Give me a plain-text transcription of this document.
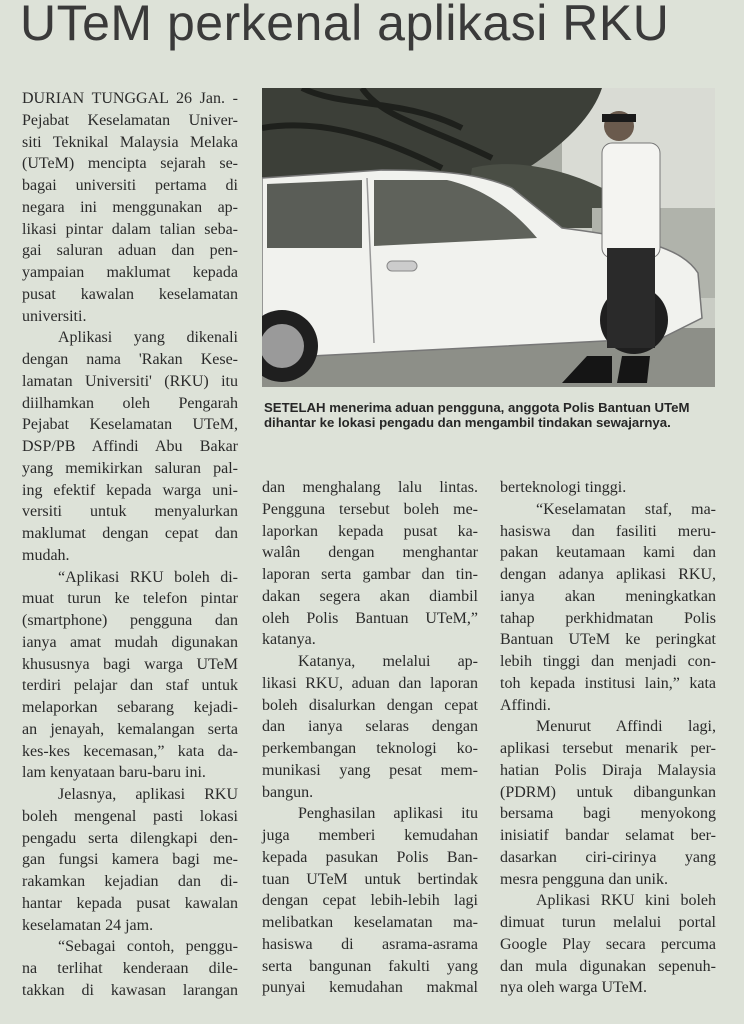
UTeM perkenal aplikasi RKU
SETELAH menerima aduan pengguna, anggota Polis Bantuan UTeM dihantar ke lokasi pengadu dan mengambil tindakan sewajarnya.
DURIAN TUNGGAL 26 Jan. -
Pejabat Keselamatan Univer-
siti Teknikal Malaysia Melaka
(UTeM) mencipta sejarah se-
bagai universiti pertama di
negara ini menggunakan ap-
likasi pintar dalam talian seba-
gai saluran aduan dan pen-
yampaian maklumat kepada
pusat kawalan keselamatan
universiti.
Aplikasi yang dikenali
dengan nama 'Rakan Kese-
lamatan Universiti' (RKU) itu
diilhamkan oleh Pengarah
Pejabat Keselamatan UTeM,
DSP/PB Affindi Abu Bakar
yang memikirkan saluran pal-
ing efektif kepada warga uni-
versiti untuk menyalurkan
maklumat dengan cepat dan
mudah.
“Aplikasi RKU boleh di-
muat turun ke telefon pintar
(smartphone) pengguna dan
ianya amat mudah digunakan
khususnya bagi warga UTeM
terdiri pelajar dan staf untuk
melaporkan sebarang kejadi-
an jenayah, kemalangan serta
kes-kes kecemasan,” kata da-
lam kenyataan baru-baru ini.
Jelasnya, aplikasi RKU
boleh mengenal pasti lokasi
pengadu serta dilengkapi den-
gan fungsi kamera bagi me-
rakamkan kejadian dan di-
hantar kepada pusat kawalan
keselamatan 24 jam.
“Sebagai contoh, penggu-
na terlihat kenderaan dile-
takkan di kawasan larangan
dan menghalang lalu lintas.
Pengguna tersebut boleh me-
laporkan kepada pusat ka-
walân dengan menghantar
laporan serta gambar dan tin-
dakan segera akan diambil
oleh Polis Bantuan UTeM,”
katanya.
Katanya, melalui ap-
likasi RKU, aduan dan laporan
boleh disalurkan dengan cepat
dan ianya selaras dengan
perkembangan teknologi ko-
munikasi yang pesat mem-
bangun.
Penghasilan aplikasi itu
juga memberi kemudahan
kepada pasukan Polis Ban-
tuan UTeM untuk bertindak
dengan cepat lebih-lebih lagi
melibatkan keselamatan ma-
hasiswa di asrama-asrama
serta bangunan fakulti yang
punyai kemudahan makmal
berteknologi tinggi.
“Keselamatan staf, ma-
hasiswa dan fasiliti meru-
pakan keutamaan kami dan
dengan adanya aplikasi RKU,
ianya akan meningkatkan
tahap perkhidmatan Polis
Bantuan UTeM ke peringkat
lebih tinggi dan menjadi con-
toh kepada institusi lain,” kata
Affindi.
Menurut Affindi lagi,
aplikasi tersebut menarik per-
hatian Polis Diraja Malaysia
(PDRM) untuk dibangunkan
bersama bagi menyokong
inisiatif bandar selamat ber-
dasarkan ciri-cirinya yang
mesra pengguna dan unik.
Aplikasi RKU kini boleh
dimuat turun melalui portal
Google Play secara percuma
dan mula digunakan sepenuh-
nya oleh warga UTeM.
